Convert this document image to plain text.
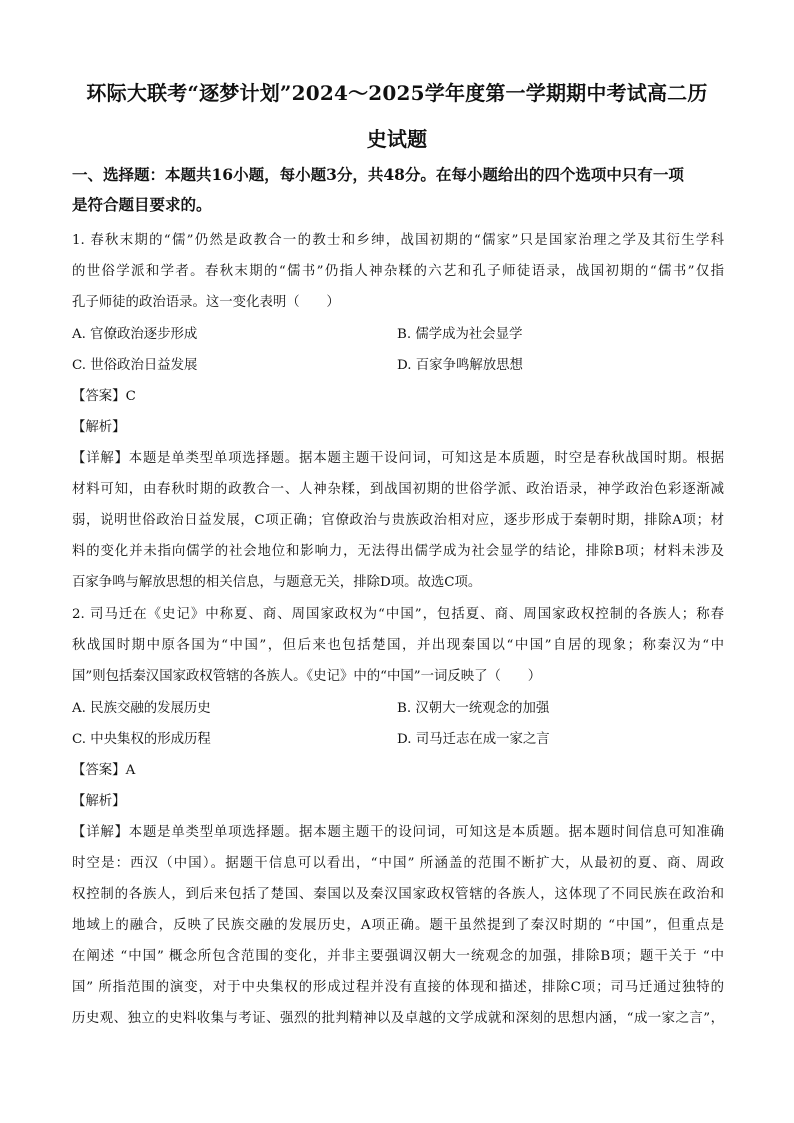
环际大联考“逐梦计划”2024～2025学年度第一学期期中考试高二历
史试题
一、选择题：本题共16小题，每小题3分，共48分。在每小题给出的四个选项中只有一项
是符合题目要求的。
1. 春秋末期的“儒”仍然是政教合一的教士和乡绅，战国初期的“儒家”只是国家治理之学及其衍生学科
的世俗学派和学者。春秋末期的“儒书”仍指人神杂糅的六艺和孔子师徒语录，战国初期的“儒书”仅指
孔子师徒的政治语录。这一变化表明（　　）
A. 官僚政治逐步形成	B. 儒学成为社会显学
C. 世俗政治日益发展	D. 百家争鸣解放思想
【答案】C
【解析】
【详解】本题是单类型单项选择题。据本题主题干设问词，可知这是本质题，时空是春秋战国时期。根据
材料可知，由春秋时期的政教合一、人神杂糅，到战国初期的世俗学派、政治语录，神学政治色彩逐渐减
弱，说明世俗政治日益发展，C项正确；官僚政治与贵族政治相对应，逐步形成于秦朝时期，排除A项；材
料的变化并未指向儒学的社会地位和影响力，无法得出儒学成为社会显学的结论，排除B项；材料未涉及
百家争鸣与解放思想的相关信息，与题意无关，排除D项。故选C项。
2. 司马迁在《史记》中称夏、商、周国家政权为“中国”，包括夏、商、周国家政权控制的各族人；称春
秋战国时期中原各国为“中国”，但后来也包括楚国，并出现秦国以“中国”自居的现象；称秦汉为“中
国”则包括秦汉国家政权管辖的各族人。《史记》中的“中国”一词反映了（　　）
A. 民族交融的发展历史	B. 汉朝大一统观念的加强
C. 中央集权的形成历程	D. 司马迁志在成一家之言
【答案】A
【解析】
【详解】本题是单类型单项选择题。据本题主题干的设问词，可知这是本质题。据本题时间信息可知准确
时空是：西汉（中国）。据题干信息可以看出，“中国” 所涵盖的范围不断扩大，从最初的夏、商、周政
权控制的各族人，到后来包括了楚国、秦国以及秦汉国家政权管辖的各族人，这体现了不同民族在政治和
地域上的融合，反映了民族交融的发展历史，A项正确。题干虽然提到了秦汉时期的 “中国”，但重点是
在阐述 “中国” 概念所包含范围的变化，并非主要强调汉朝大一统观念的加强，排除B项；题干关于 “中
国” 所指范围的演变，对于中央集权的形成过程并没有直接的体现和描述，排除C项；司马迁通过独特的
历史观、独立的史料收集与考证、强烈的批判精神以及卓越的文学成就和深刻的思想内涵，“成一家之言”，
